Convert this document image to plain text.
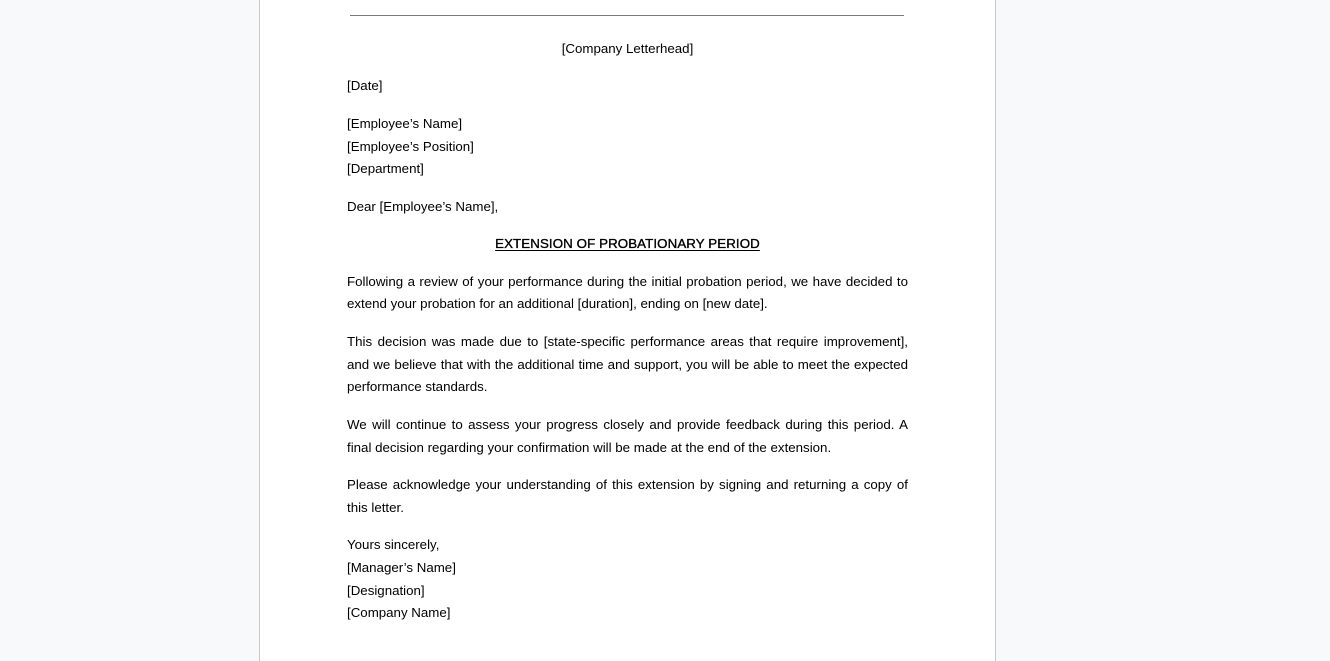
[Company Letterhead]

[Date]

[Employee’s Name]
[Employee’s Position]
[Department]

Dear [Employee’s Name],

EXTENSION OF PROBATIONARY PERIOD

Following a review of your performance during the initial probation period, we have decided to extend your probation for an additional [duration], ending on [new date].

This decision was made due to [state-specific performance areas that require improvement], and we believe that with the additional time and support, you will be able to meet the expected performance standards.

We will continue to assess your progress closely and provide feedback during this period. A final decision regarding your confirmation will be made at the end of the extension.

Please acknowledge your understanding of this extension by signing and returning a copy of this letter.

Yours sincerely,
[Manager’s Name]
[Designation]
[Company Name]
